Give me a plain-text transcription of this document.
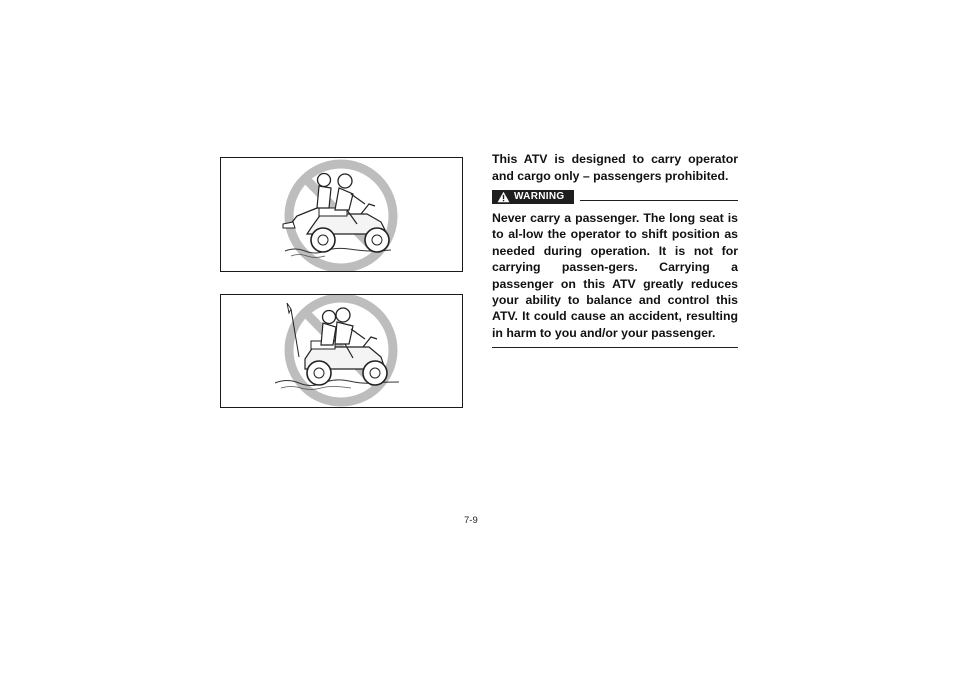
This ATV is designed to carry operator and cargo only – passengers prohibited.

WARNING

Never carry a passenger. The long seat is to al-low the operator to shift position as needed during operation. It is not for carrying passen-gers. Carrying a passenger on this ATV greatly reduces your ability to balance and control this ATV. It could cause an accident, resulting in harm to you and/or your passenger.

7-9
